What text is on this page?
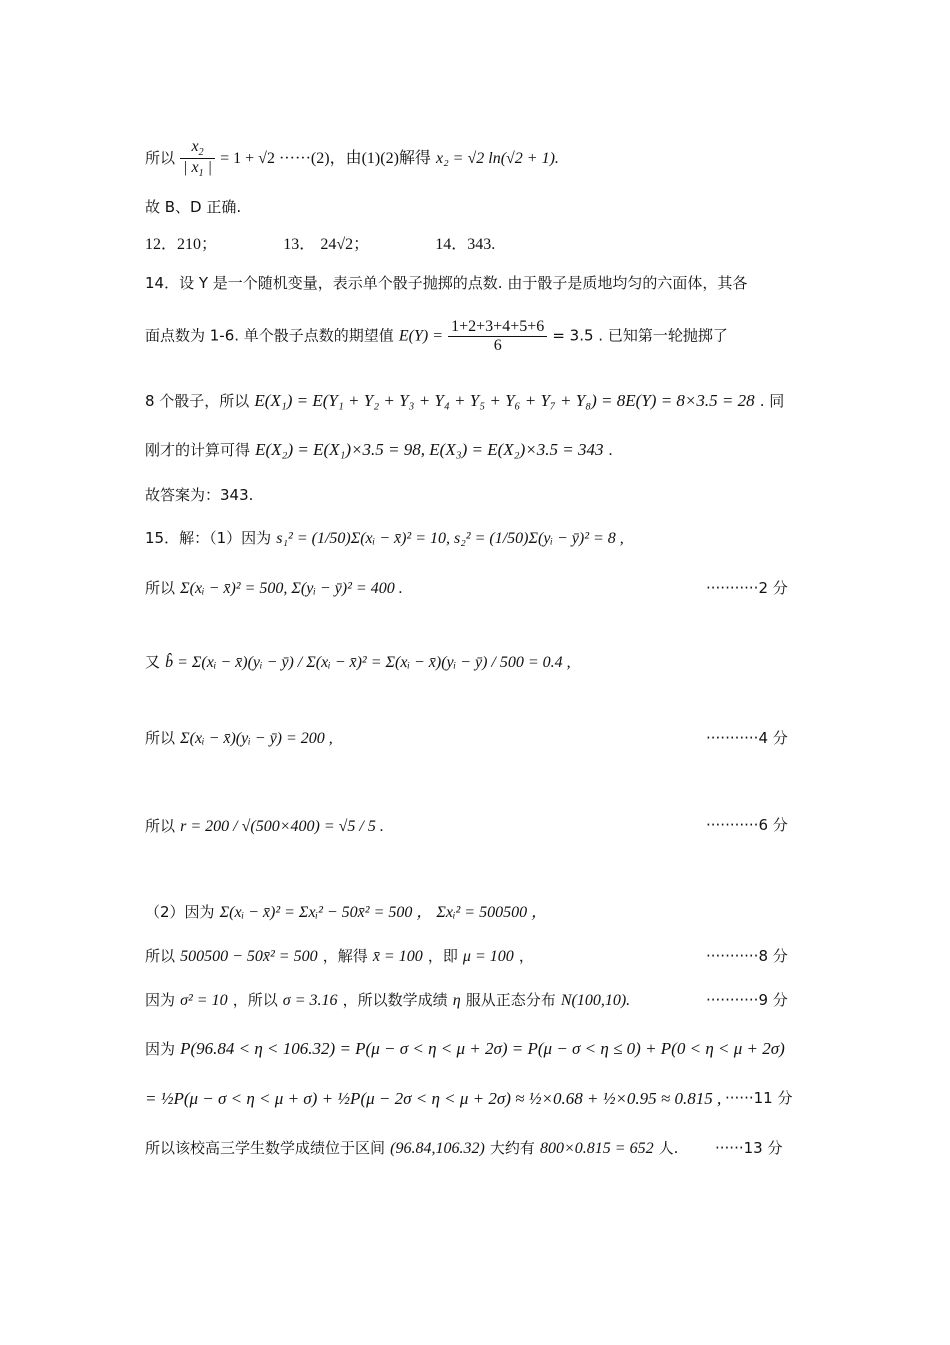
所以 $\frac{x_2}{| x_1 |} = 1 + √2 \cdot\cdot\cdot\cdot\cdot\cdot(2)$，由(1)(2)解得 x₂ = √2 ln(√2 + 1).
故 B、D 正确.
12．210；	13． 24√2；	14．343.
14．设 Y 是一个随机变量，表示单个骰子抛掷的点数. 由于骰子是质地均匀的六面体，其各
面点数为 1-6. 单个骰子点数的期望值 $E(Y) = \frac{1+2+3+4+5+6}{6} = 3.5$ . 已知第一轮抛掷了
8 个骰子，所以 E(X₁) = E(Y₁ + Y₂ + Y₃ + Y₄ + Y₅ + Y₆ + Y₇ + Y₈) = 8E(Y) = 8×3.5 = 28 . 同
刚才的计算可得 E(X₂) = E(X₁)×3.5 = 98, E(X₃) = E(X₂)×3.5 = 343 .
故答案为：343.
15．解：（1）因为 s₁² = (1/50)Σ(xᵢ − x̄)² = 10, s₂² = (1/50)Σ(yᵢ − ȳ)² = 8 ,
所以 Σ(xᵢ − x̄)² = 500, Σ(yᵢ − ȳ)² = 400 .	···········2 分
又 b̂ = Σ(xᵢ − x̄)(yᵢ − ȳ) / Σ(xᵢ − x̄)² = Σ(xᵢ − x̄)(yᵢ − ȳ) / 500 = 0.4 ,
所以 Σ(xᵢ − x̄)(yᵢ − ȳ) = 200 ,	···········4 分
所以 r = 200 / √(500×400) = √5 / 5 .	···········6 分
（2）因为 Σ(xᵢ − x̄)² = Σxᵢ² − 50x̄² = 500 ， Σxᵢ² = 500500 ，
所以 500500 − 50x̄² = 500 ，解得 x̄ = 100 ，即 μ = 100 ，	···········8 分
因为 σ² = 10 ，所以 σ = 3.16 ，所以数学成绩 η 服从正态分布 N(100,10).	···········9 分
因为 P(96.84 < η < 106.32) = P(μ − σ < η < μ + 2σ) = P(μ − σ < η ≤ 0) + P(0 < η < μ + 2σ)
= ½P(μ − σ < η < μ + σ) + ½P(μ − 2σ < η < μ + 2σ) ≈ ½×0.68 + ½×0.95 ≈ 0.815 , ······11 分
所以该校高三学生数学成绩位于区间 (96.84,106.32) 大约有 800×0.815 = 652 人. ······13 分
